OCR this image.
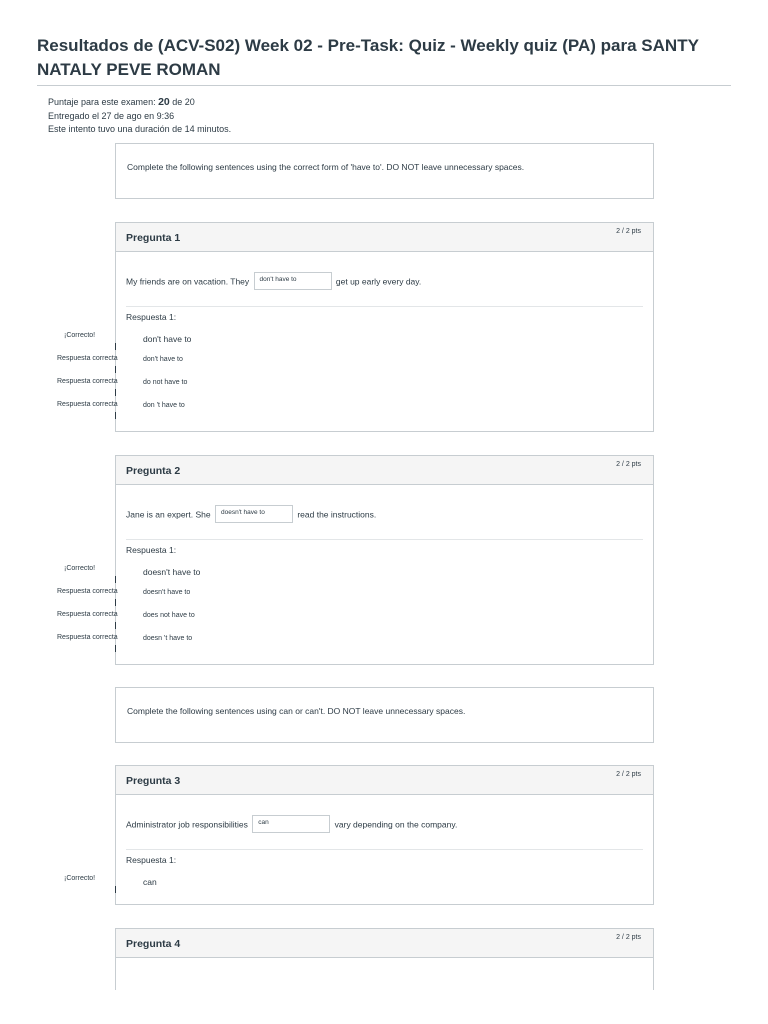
Resultados de (ACV-S02) Week 02 - Pre-Task: Quiz - Weekly quiz (PA) para SANTY NATALY PEVE ROMAN
Puntaje para este examen: 20 de 20
Entregado el 27 de ago en 9:36
Este intento tuvo una duración de 14 minutos.
Complete the following sentences using the correct form of 'have to'. DO NOT leave unnecessary spaces.
Pregunta 1
2 / 2 pts
My friends are on vacation. They don't have to	get up early every day.
Respuesta 1:
don't have to
don't have to
do not have to
don 't have to
¡Correcto!
Respuesta correcta
Respuesta correcta
Respuesta correcta
Pregunta 2
2 / 2 pts
Jane is an expert. She doesn't have to	read the instructions.
Respuesta 1:
doesn't have to
doesn't have to
does not have to
doesn 't have to
¡Correcto!
Respuesta correcta
Respuesta correcta
Respuesta correcta
Complete the following sentences using can or can't. DO NOT leave unnecessary spaces.
Pregunta 3
2 / 2 pts
Administrator job responsibilities can	vary depending on the company.
Respuesta 1:
can
¡Correcto!
Pregunta 4
2 / 2 pts
